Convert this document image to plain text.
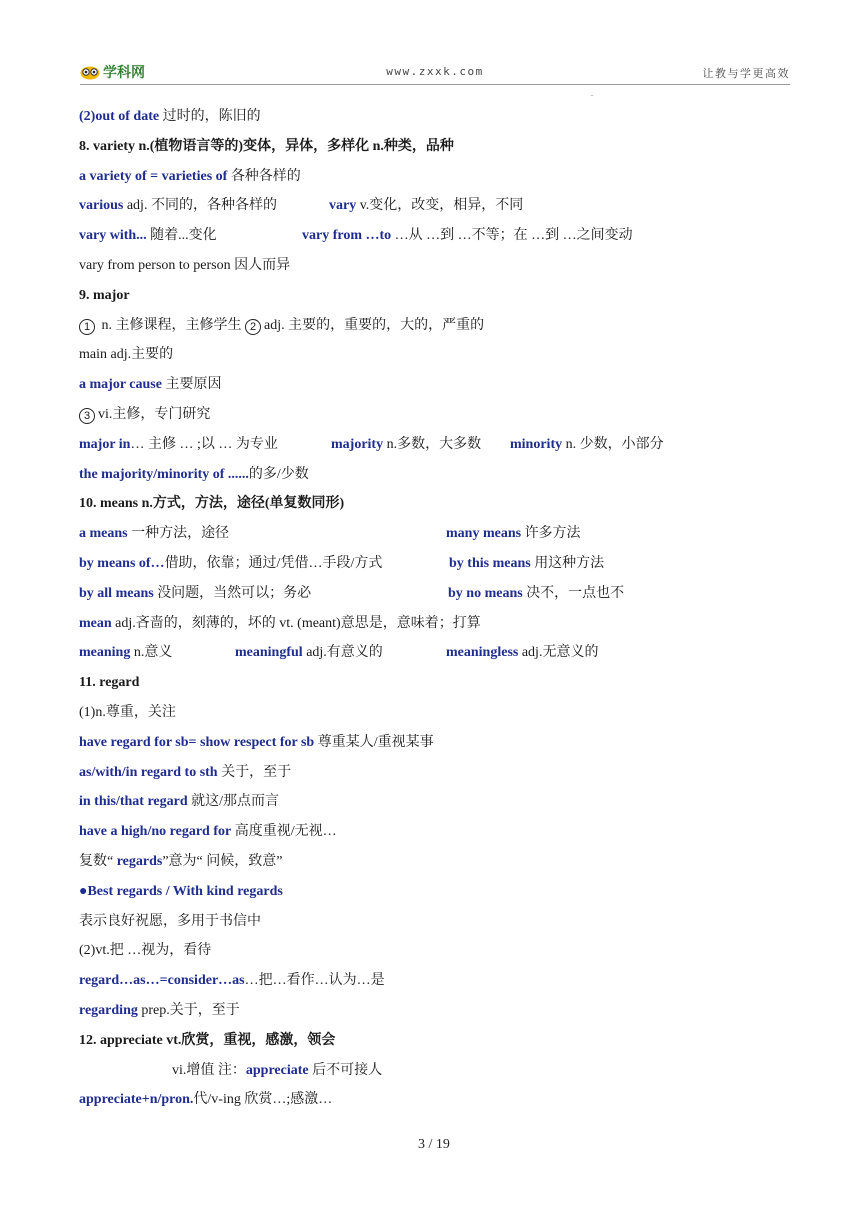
学科网	www.zxxk.com	让教与学更高效
.
(2)out of date 过时的，陈旧的
8. variety n.(植物语言等的)变体，异体，多样化 n.种类，品种
a variety of = varieties of 各种各样的
various adj. 不同的，各种各样的	vary v.变化，改变，相异，不同
vary with... 随着...变化	vary from …to …从 …到 …不等；在 …到 …之间变动
vary from person to person 因人而异
9. major
1 n. 主修课程，主修学生 2 adj. 主要的，重要的，大的，严重的
main adj.主要的
a major cause 主要原因
3 vi.主修，专门研究
major in… 主修 … ;以 … 为专业	majority n.多数，大多数 minority n. 少数，小部分
the majority/minority of ......的多/少数
10. means n.方式，方法，途径(单复数同形)
a means 一种方法，途径	many means 许多方法
by means of…借助，依靠；通过/凭借…手段/方式	by this means 用这种方法
by all means 没问题，当然可以；务必	by no means 决不，一点也不
mean adj.吝啬的，刻薄的，坏的 vt. (meant)意思是，意味着；打算
meaning n.意义	meaningful adj.有意义的	meaningless adj.无意义的
11. regard
(1)n.尊重，关注
have regard for sb= show respect for sb 尊重某人/重视某事
as/with/in regard to sth 关于，至于
in this/that regard 就这/那点而言
have a high/no regard for 高度重视/无视…
复数“ regards”意为“ 问候，致意”
●Best regards / With kind regards
表示良好祝愿，多用于书信中
(2)vt.把 …视为，看待
regard…as…=consider…as…把…看作…认为…是
regarding prep.关于，至于
12. appreciate vt.欣赏，重视，感激，领会
vi.增值 注：appreciate 后不可接人
appreciate+n/pron.代/v-ing 欣赏…;感激…
3 / 19
